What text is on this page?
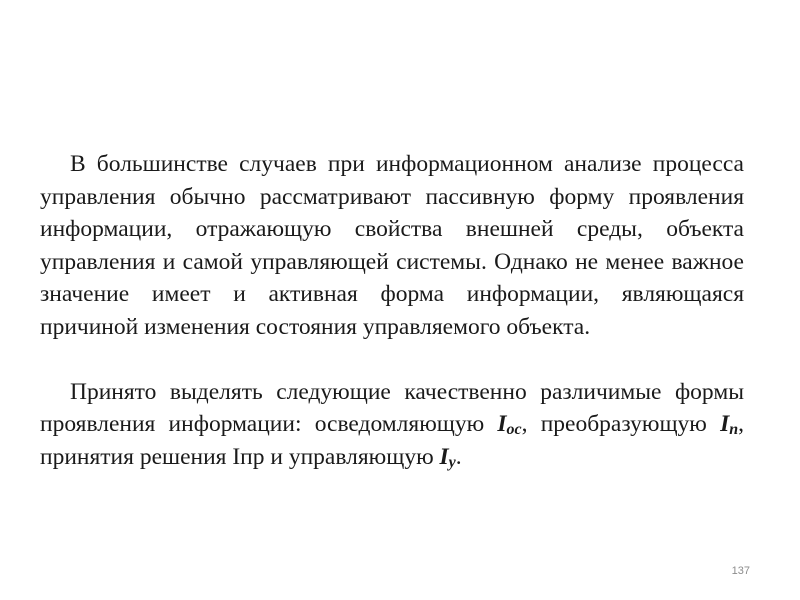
В большинстве случаев при информационном анализе процесса управления обычно рассматривают пассивную форму проявления информации, отражающую свойства внешней среды, объекта управления и самой управляющей системы. Однако не менее важное значение имеет и активная форма информации, являющаяся причиной изменения состояния управляемого объекта.

Принято выделять следующие качественно различимые формы проявления информации: осведомляющую $I_{ос}$, преобразующую $I_п$, принятия решения Iпр и управляющую $I_у$.

137
